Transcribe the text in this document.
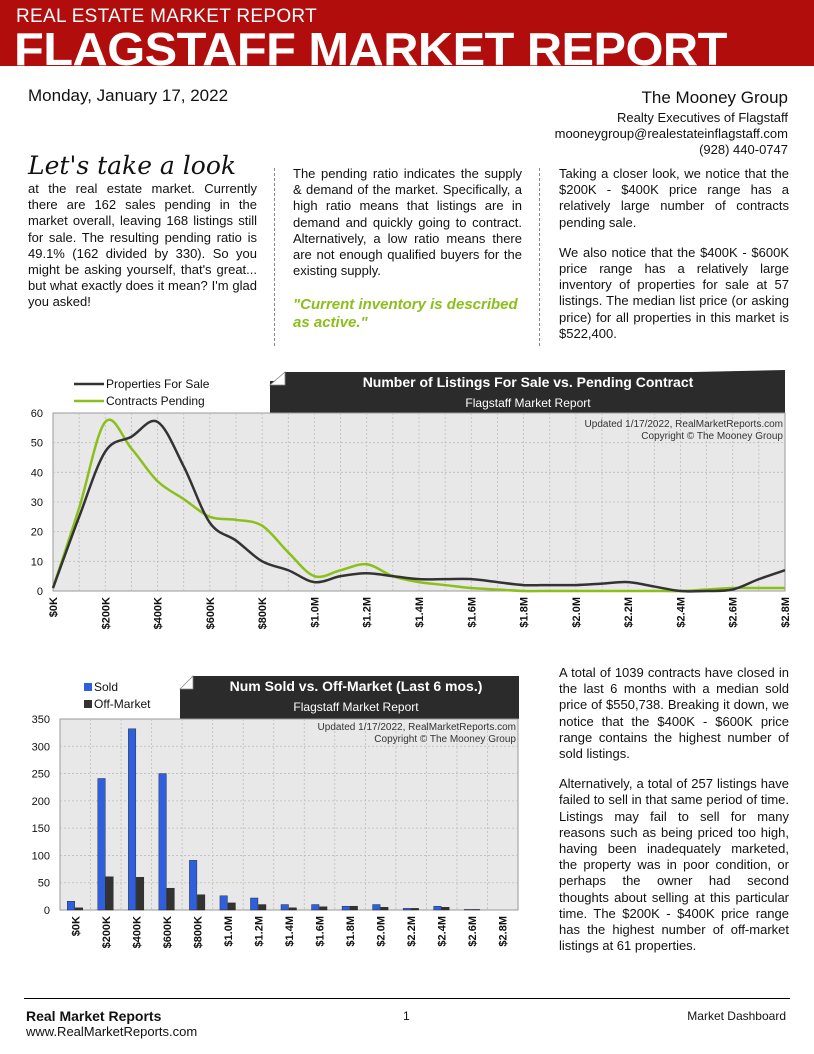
REAL ESTATE MARKET REPORT
FLAGSTAFF MARKET REPORT
Monday, January 17, 2022	The Mooney Group
Realty Executives of Flagstaff
mooneygroup@realestateinflagstaff.com
(928) 440-0747
Let's take a look
at the real estate market. Currently there are 162 sales pending in the market overall, leaving 168 listings still for sale. The resulting pending ratio is 49.1% (162 divided by 330). So you might be asking yourself, that's great... but what exactly does it mean? I'm glad you asked!
The pending ratio indicates the supply & demand of the market. Specifically, a high ratio means that listings are in demand and quickly going to contract. Alternatively, a low ratio means there are not enough qualified buyers for the existing supply.
"Current inventory is described as active."
Taking a closer look, we notice that the $200K - $400K price range has a relatively large number of contracts pending sale.
We also notice that the $400K - $600K price range has a relatively large inventory of properties for sale at 57 listings. The median list price (or asking price) for all properties in this market is $522,400.
Number of Listings For Sale vs. Pending Contract
Flagstaff Market Report
Properties For Sale
Contracts Pending
0
10
20
30
40
50
60
Updated 1/17/2022, RealMarketReports.com
Copyright © The Mooney Group
$0K	$200K	$400K	$600K	$800K	$1.0M	$1.2M	$1.4M	$1.6M	$1.8M	$2.0M	$2.2M	$2.4M	$2.6M	$2.8M
Num Sold vs. Off-Market (Last 6 mos.)
Flagstaff Market Report
Sold
Off-Market
0
50
100
150
200
250
300
350
Updated 1/17/2022, RealMarketReports.com
Copyright © The Mooney Group
$0K $200K $400K $600K $800K $1.0M $1.2M $1.4M $1.6M $1.8M $2.0M $2.2M $2.4M $2.6M $2.8M
A total of 1039 contracts have closed in the last 6 months with a median sold price of $550,738. Breaking it down, we notice that the $400K - $600K price range contains the highest number of sold listings.
Alternatively, a total of 257 listings have failed to sell in that same period of time. Listings may fail to sell for many reasons such as being priced too high, having been inadequately marketed, the property was in poor condition, or perhaps the owner had second thoughts about selling at this particular time. The $200K - $400K price range has the highest number of off-market listings at 61 properties.
Real Market Reports
www.RealMarketReports.com
1	Market Dashboard
